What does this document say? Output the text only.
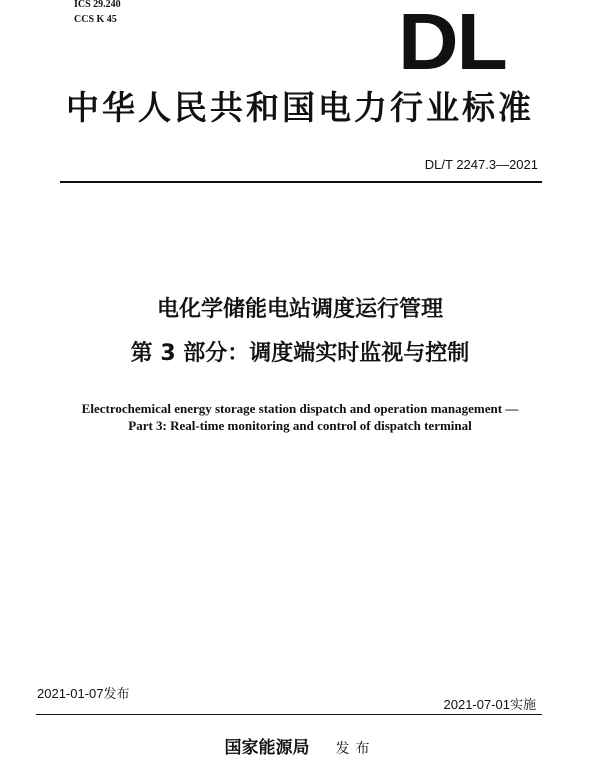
ICS 29.240
CCS K 45	DL
中华人民共和国电力行业标准
DL/T 2247.3—2021
电化学储能电站调度运行管理
第 3 部分：调度端实时监视与控制
Electrochemical energy storage station dispatch and operation management —
Part 3: Real-time monitoring and control of dispatch terminal
2021-01-07发布
2021-07-01实施
国家能源局 发布
